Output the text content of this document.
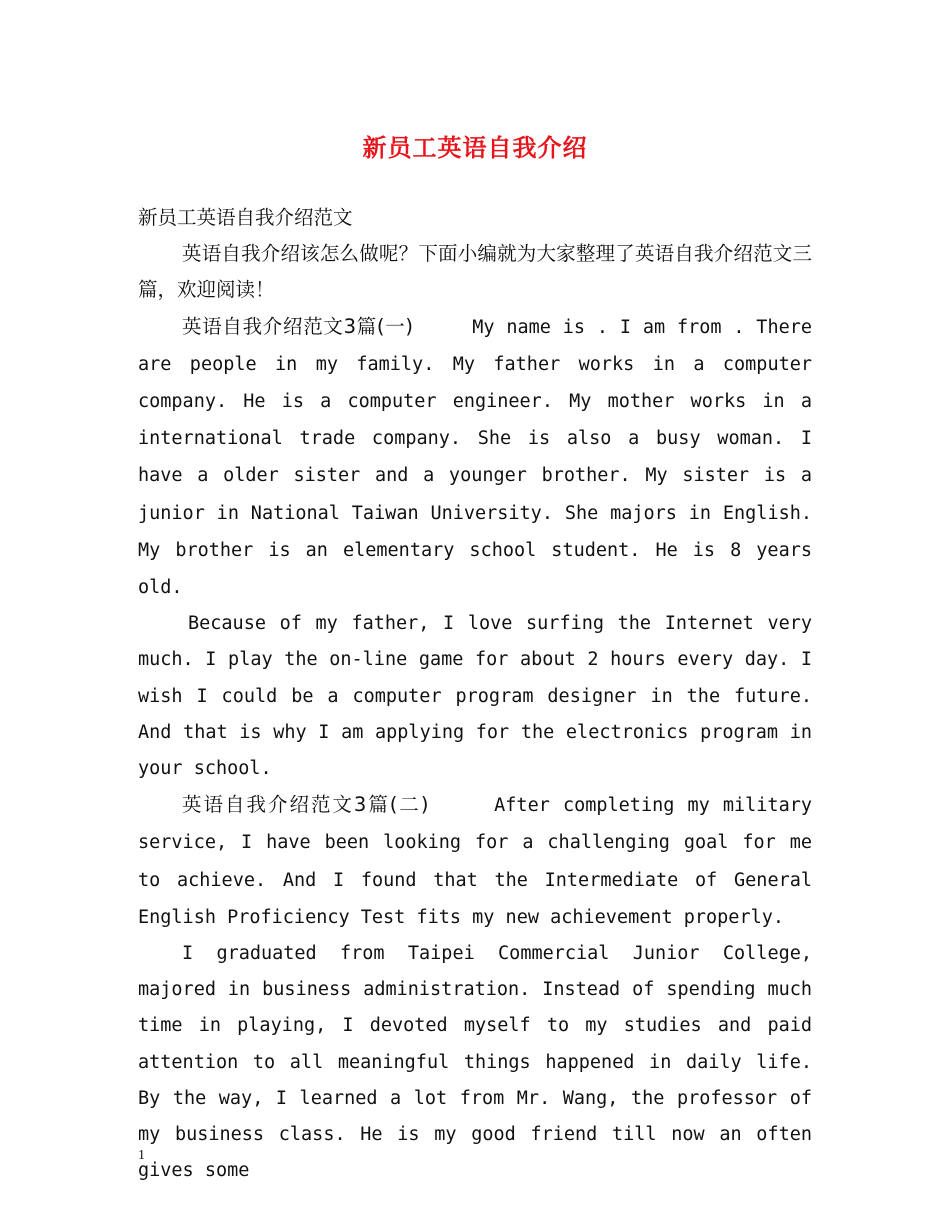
新员工英语自我介绍

新员工英语自我介绍范文

英语自我介绍该怎么做呢？下面小编就为大家整理了英语自我介绍范文三篇，欢迎阅读！

英语自我介绍范文3篇(一)	My name is . I am from . There are people in my family. My father works in a computer company. He is a computer engineer. My mother works in a international trade company. She is also a busy woman. I have a older sister and a younger brother. My sister is a junior in National Taiwan University. She majors in English. My brother is an elementary school student. He is 8 years old.

Because of my father, I love surfing the Internet very much. I play the on-line game for about 2 hours every day. I wish I could be a computer program designer in the future. And that is why I am applying for the electronics program in your school.

英语自我介绍范文3篇(二)	After completing my military service, I have been looking for a challenging goal for me to achieve. And I found that the Intermediate of General English Proficiency Test fits my new achievement properly.

I graduated from Taipei Commercial Junior College, majored in business administration. Instead of spending much time in playing, I devoted myself to my studies and paid attention to all meaningful things happened in daily life. By the way, I learned a lot from Mr. Wang, the professor of my business class. He is my good friend till now an often gives some

1
